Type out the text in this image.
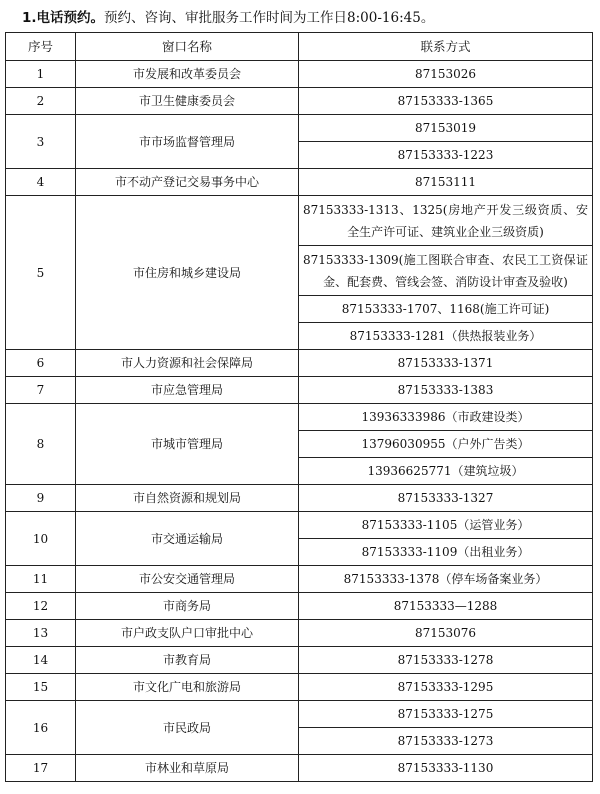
1.电话预约。预约、咨询、审批服务工作时间为工作日8:00-16:45。
序号	窗口名称	联系方式
1	市发展和改革委员会	87153026
2	市卫生健康委员会	87153333-1365
3	市市场监督管理局	87153019
		87153333-1223
4	市不动产登记交易事务中心	87153111
5	市住房和城乡建设局	87153333-1313、1325(房地产开发三级资质、安全生产许可证、建筑业企业三级资质)
		87153333-1309(施工图联合审查、农民工工资保证金、配套费、管线会签、消防设计审查及验收)
		87153333-1707、1168(施工许可证)
		87153333-1281（供热报装业务）
6	市人力资源和社会保障局	87153333-1371
7	市应急管理局	87153333-1383
8	市城市管理局	13936333986（市政建设类）
		13796030955（户外广告类）
		13936625771（建筑垃圾）
9	市自然资源和规划局	87153333-1327
10	市交通运输局	87153333-1105（运管业务）
		87153333-1109（出租业务）
11	市公安交通管理局	87153333-1378（停车场备案业务）
12	市商务局	87153333—1288
13	市户政支队户口审批中心	87153076
14	市教育局	87153333-1278
15	市文化广电和旅游局	87153333-1295
16	市民政局	87153333-1275
		87153333-1273
17	市林业和草原局	87153333-1130
